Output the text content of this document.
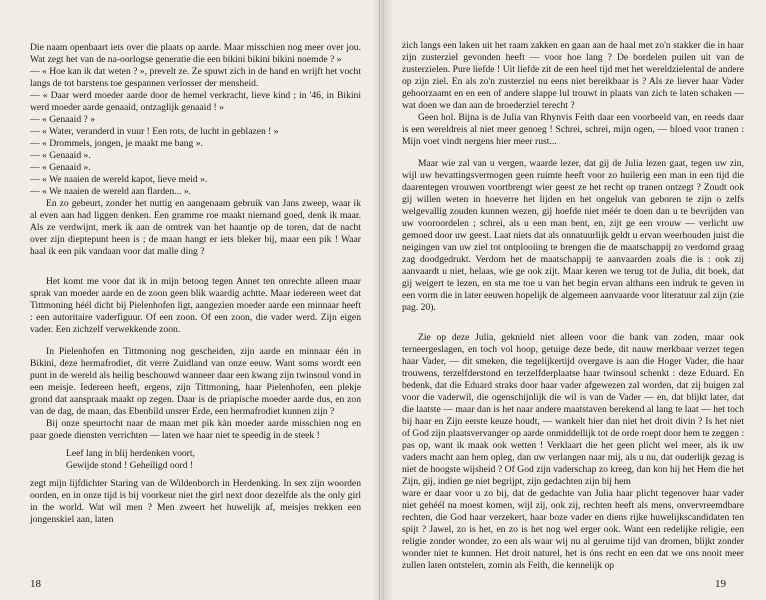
Die naam openbaart iets over die plaats op aarde. Maar misschien nog meer over jou. Wat zegt het van de na-oorlogse generatie die een bikini bikini bikini noemde ? »

— « Hoe kan ik dat weten ? », prevelt ze. Ze spuwt zich in de hand en wrijft het vocht langs de tot barstens toe gespannen verlosser der mensheid.

— « Daar werd moeder aarde door de hemel verkracht, lieve kind ; in '46, in Bikini werd moeder aarde genaaid, ontzaglijk genaaid ! »

— « Genaaid ? »

— « Water, veranderd in vuur ! Een rots, de lucht in geblazen ! »

— « Drommels, jongen, je maakt me bang ».

— « Genaaid ».

— « Genaaid ».

— « We naaien de wereld kapot, lieve meid ».

— « We naaien de wereld aan flarden... ».

En zo gebeurt, zonder het nuttig en aangenaam gebruik van Jans zweep, waar ik al even aan had liggen denken. Een gramme roe maakt niemand goed, denk ik maar. Als ze verdwijnt, merk ik aan de omtrek van het haantje op de toren, dat de nacht over zijn dieptepunt heen is ; de maan hangt er iets bleker bij, maar een pik ! Waar haal ik een pik vandaan voor dat malle ding ?

Het komt me voor dat ik in mijn betoog tegen Annet ten onrechte alleen maar sprak van moeder aarde en de zoon geen blik waardig achtte. Maar iedereen weet dat Tittmoning héél dicht bij Pielenhofen ligt, aangezien moeder aarde een minnaar heeft : een autoritaire vaderfiguur. Of een zoon. Of een zoon, die vader werd. Zijn eigen vader. Een zichzelf verwekkende zoon.

In Pielenhofen en Tittmoning nog gescheiden, zijn aarde en minnaar één in Bikini, deze hermafrodiet, dit verre Zuidland van onze eeuw. Want soms wordt een punt in de wereld als heilig beschouwd wanneer daar een kwang zijn twinsoul vond in een meisje. Iedereen heeft, ergens, zijn Tittmoning, haar Pielenhofen, een plekje grond dat aanspraak maakt op zegen. Daar is de priapische moeder aarde dus, en zon van de dag, de maan, das Ebenbild unsrer Erde, een hermafrodiet kunnen zijn ?

Bij onze speurtocht naar de maan met pik kàn moeder aarde misschien nog en paar goede diensten verrichten — laten we haar niet te speedig in de steek !

Leef lang in blij herdenken voort,
Gewijde stond ! Geheiligd oord !

zegt mijn lijfdichter Staring van de Wildenborch in Herdenking. In sex zijn woorden oorden, en in onze tijd is bij voorkeur niet the girl next door dezelfde als the only girl in the world. Wat wil men ? Men zweert het huwelijk af, meisjes trekken een jongenskiel aan, laten

18

zich langs een laken uit het raam zakken en gaan aan de haal met zo'n stakker die in haar zijn zusterziel gevonden heeft — voor hoe lang ? De bordelen puilen uit van de zusterzielen. Pure liefde ! Uit liefde zit de een heel tijd met het wereldzielental de andere op zijn ziel. En als zo'n zusterziel nu eens niet bereikbaar is ? Als ze liever haar Vader gehoorzaamt en en een of andere slappe lul trouwt in plaats van zich te laten schaken — wat doen we dan aan de broederziel terecht ?

Geen hol. Bijna is de Julia van Rhynvis Feith daar een voorbeeld van, en reeds daar is een wereldreis al niet meer genoeg ! Schrei, schrei, mijn ogen, — bloed voor tranen : Mijn voet vindt nergens hier meer rust...

Maar wie zal van u vergen, waarde lezer, dat gij de Julia lezen gaat, tegen uw zin, wijl uw bevattingsvermogen geen ruimte heeft voor zo huilerig een man in een tijd die daarentegen vrouwen voortbrengt wier geest ze het recht op tranen ontzegt ? Zoudt ook gij willen weten in hoeverre het lijden en het ongeluk van geboren te zijn o zelfs welgevallig zouden kunnen wezen, gij hoefde niet méér te doen dan u te bevrijden van uw vooroordelen ; schrei, als u een man bent, en, zijt ge een vrouw — verlicht uw gemoed door uw geest. Laat niets dat als onnatuurlijk geldt u ervan weerhouden juist die neigingen van uw ziel tot ontplooiing te brengen die de maatschappij zo verdomd graag zag doodgedrukt. Verdom het de maatschappij te aanvaarden zoals die is : ook zij aanvaardt u niet, helaas, wie ge ook zijt. Maar keren we terug tot de Julia, dit boek, dat gij weigert te lezen, en sta me toe u van het begin ervan althans een indruk te geven in een vorm die in later eeuwen hopelijk de algemeen aanvaarde voor literatuur zal zijn (zie pag. 20).

Zie op deze Julia, geknield niet alleen voor die bank van zoden, maar ook terneergeslagen, en toch vol hoop, getuige deze bede, dit nauw merkbaar verzet tegen haar Vader, — dit smeken, die tegelijkertijd overgave is aan die Hoger Vader, die haar trouwens, terzelfderstond en terzelfderplaatse haar twinsoul schenkt : deze Eduard. En bedenk, dat die Eduard straks door haar vader afgewezen zal worden, dat zij buigen zal voor die vaderwil, die ogenschijnlijk die wil is van de Vader — en, dat blijkt later, dat die laatste — maar dan is het naar andere maatstaven berekend al lang te laat — het toch bij haar en Zijn eerste keuze houdt, — wankelt hier dan niet het droit divin ? Is het niet of God zijn plaatsvervanger op aarde onmiddellijk tot de orde roept door hem te zeggen : pas op, want ik maak ook wetten ! Verklaart die het geen plicht wel meer, als ik uw vaders macht aan hem opleg, dan uw verlangen naar mij, als u nu, dat ouderlijk gezag is niet de hoogste wijsheid ? Of God zijn vaderschap zo kreeg, dan kon hij het Hem die het Zijn, gij, indien ge niet begrijpt, zijn gedachten zijn bij hem

ware er daar voor u zo bij, dat de gedachte van Julia haar plicht tegenover haar vader niet gehéél na moest komen, wijl zij, ook zij, rechten heeft als mens, onvervreemdbare rechten, die God haar verzekert, haar boze vader en diens rijke huwelijkscandidaten ten spijt ? Jawel, zo is het, en zo is het nog wel erger ook. Want een redelijke religie, een religie zonder wonder, zo een als waar wij nu al geruime tijd van dromen, blijkt zonder wonder niet te kunnen. Het droit naturel, het is óns recht en een dat we ons nooit meer zullen laten ontstelen, zomin als Feith, die kennelijk op

19
